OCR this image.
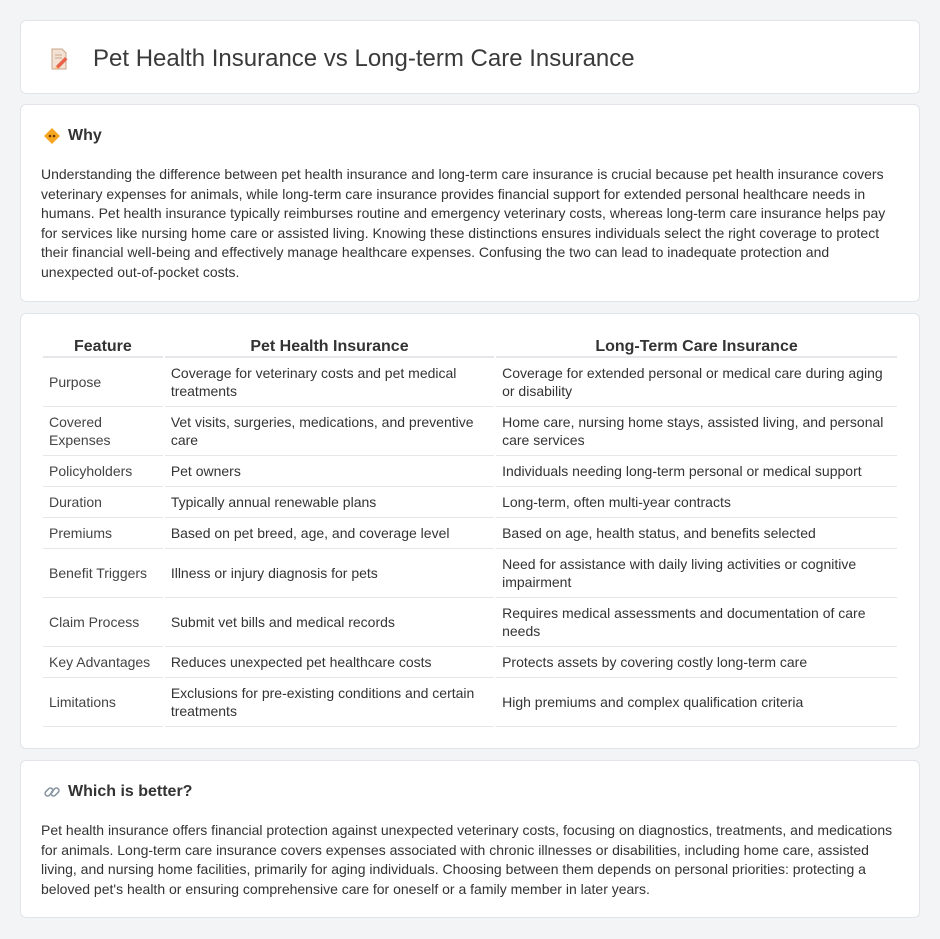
Pet Health Insurance vs Long-term Care Insurance
Why

Understanding the difference between pet health insurance and long-term care insurance is crucial because pet health insurance covers veterinary expenses for animals, while long-term care insurance provides financial support for extended personal healthcare needs in humans. Pet health insurance typically reimburses routine and emergency veterinary costs, whereas long-term care insurance helps pay for services like nursing home care or assisted living. Knowing these distinctions ensures individuals select the right coverage to protect their financial well-being and effectively manage healthcare expenses. Confusing the two can lead to inadequate protection and unexpected out-of-pocket costs.

Feature	Pet Health Insurance	Long-Term Care Insurance
Purpose	Coverage for veterinary costs and pet medical treatments	Coverage for extended personal or medical care during aging or disability
Covered Expenses	Vet visits, surgeries, medications, and preventive care	Home care, nursing home stays, assisted living, and personal care services
Policyholders	Pet owners	Individuals needing long-term personal or medical support
Duration	Typically annual renewable plans	Long-term, often multi-year contracts
Premiums	Based on pet breed, age, and coverage level	Based on age, health status, and benefits selected
Benefit Triggers	Illness or injury diagnosis for pets	Need for assistance with daily living activities or cognitive impairment
Claim Process	Submit vet bills and medical records	Requires medical assessments and documentation of care needs
Key Advantages	Reduces unexpected pet healthcare costs	Protects assets by covering costly long-term care
Limitations	Exclusions for pre-existing conditions and certain treatments	High premiums and complex qualification criteria
Which is better?

Pet health insurance offers financial protection against unexpected veterinary costs, focusing on diagnostics, treatments, and medications for animals. Long-term care insurance covers expenses associated with chronic illnesses or disabilities, including home care, assisted living, and nursing home facilities, primarily for aging individuals. Choosing between them depends on personal priorities: protecting a beloved pet's health or ensuring comprehensive care for oneself or a family member in later years.
